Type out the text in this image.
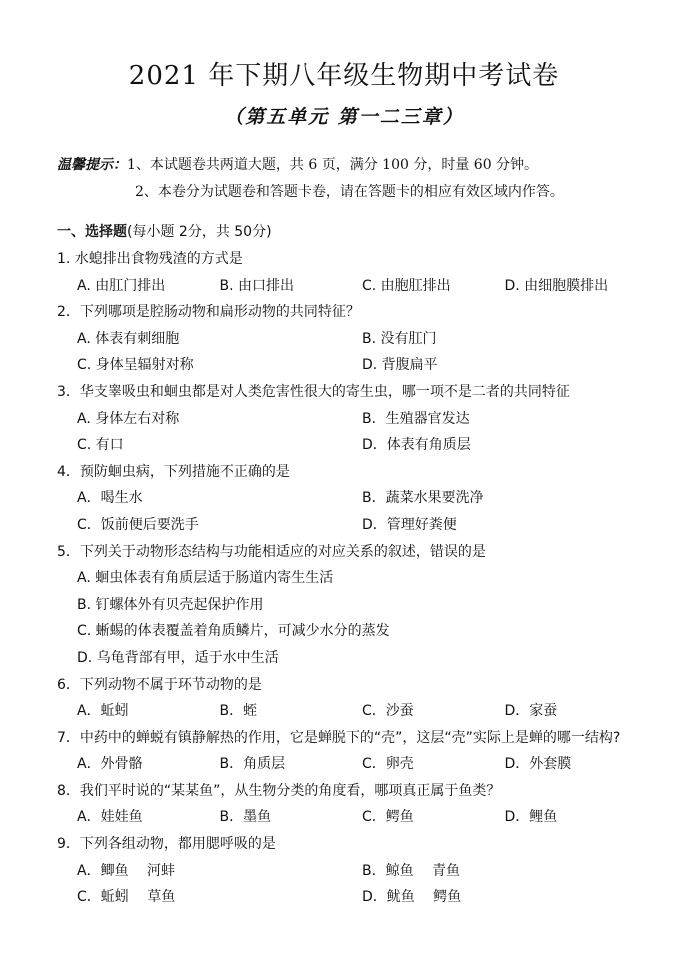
2021 年下期八年级生物期中考试卷
（第五单元 第一二三章）
温馨提示：1、本试题卷共两道大题，共 6 页，满分 100 分，时量 60 分钟。
2、本卷分为试题卷和答题卡卷，请在答题卡的相应有效区域内作答。
一、选择题(每小题 2分，共 50分)
1. 水螅排出食物残渣的方式是
A. 由肛门排出	B. 由口排出	C. 由胞肛排出	D. 由细胞膜排出
2．下列哪项是腔肠动物和扁形动物的共同特征？
A. 体表有刺细胞	B. 没有肛门
C. 身体呈辐射对称	D. 背腹扁平
3．华支睾吸虫和蛔虫都是对人类危害性很大的寄生虫，哪一项不是二者的共同特征
A. 身体左右对称	B．生殖器官发达
C. 有口	D．体表有角质层
4．预防蛔虫病，下列措施不正确的是
A．喝生水	B．蔬菜水果要洗净
C．饭前便后要洗手	D．管理好粪便
5．下列关于动物形态结构与功能相适应的对应关系的叙述，错误的是
A. 蛔虫体表有角质层适于肠道内寄生生活
B. 钉螺体外有贝壳起保护作用
C. 蜥蜴的体表覆盖着角质鳞片，可减少水分的蒸发
D. 乌龟背部有甲，适于水中生活
6．下列动物不属于环节动物的是
A．蚯蚓	B．蛭	C．沙蚕	D．家蚕
7．中药中的蝉蜕有镇静解热的作用，它是蝉脱下的“壳”，这层“壳”实际上是蝉的哪一结构?
A．外骨骼	B．角质层	C．卵壳	D．外套膜
8．我们平时说的“某某鱼”，从生物分类的角度看，哪项真正属于鱼类？
A．娃娃鱼	B．墨鱼	C．鳄鱼	D．鲤鱼
9．下列各组动物，都用腮呼吸的是
A．鲫鱼　 河蚌	B．鲸鱼　 青鱼
C．蚯蚓　 草鱼	D．鱿鱼　 鳄鱼
